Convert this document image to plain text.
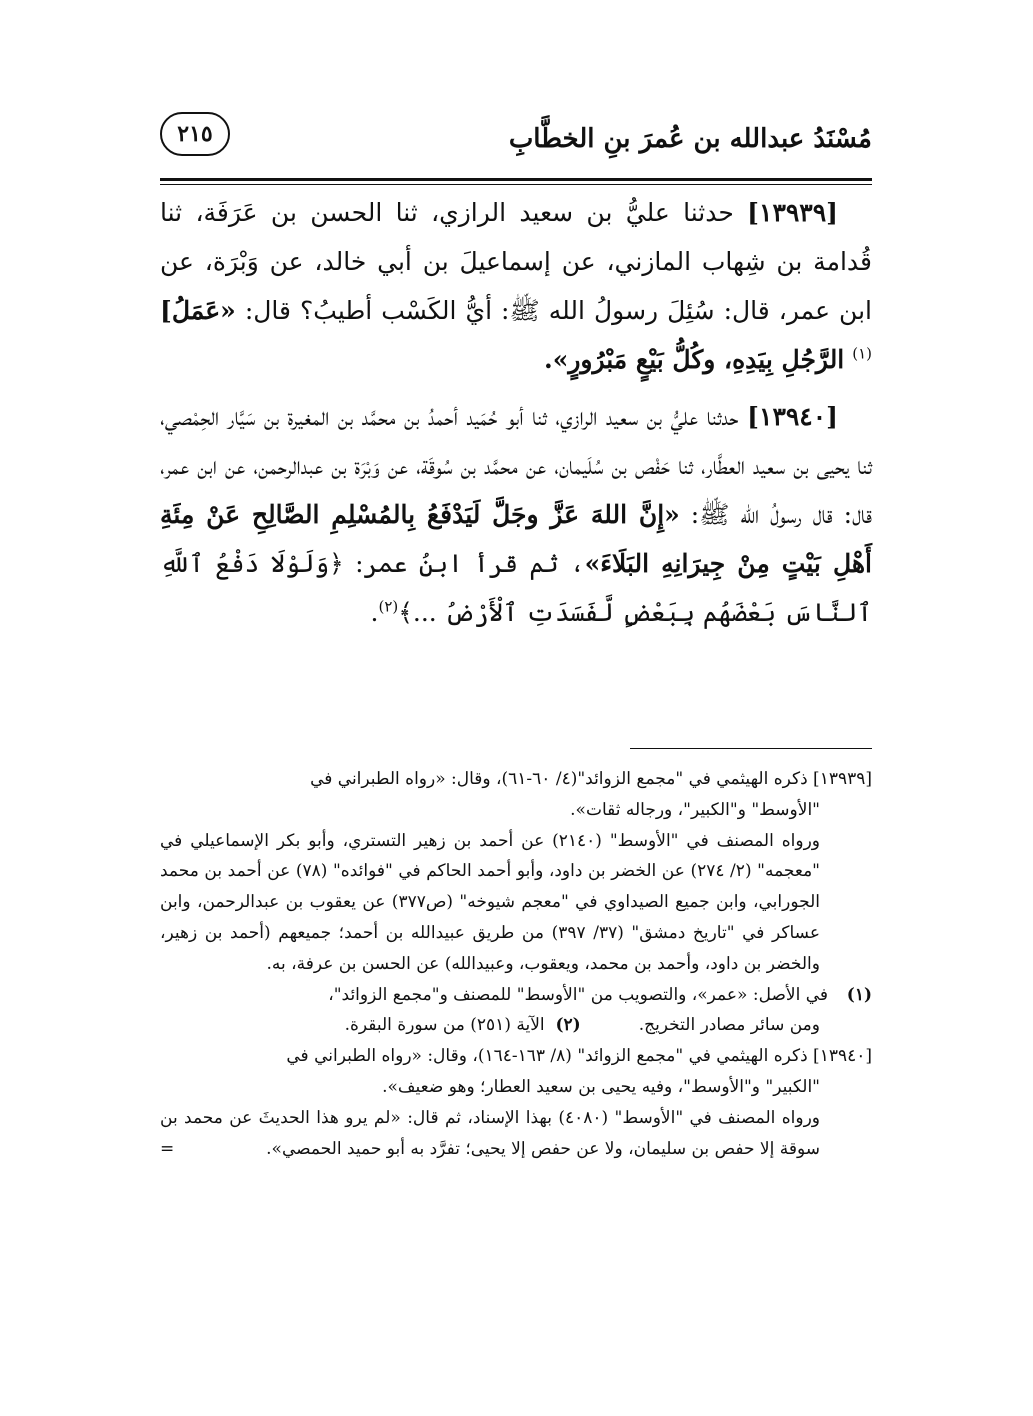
مُسْنَدُ عبدالله بن عُمرَ بنِ الخطَّابِ
٢١٥

[١٣٩٣٩] حدثنا عليُّ بن سعيد الرازي، ثنا الحسن بن عَرَفَة، ثنا قُدامة بن شِهاب المازني، عن إسماعيلَ بن أبي خالد، عن وَبْرَة، عن ابن عمر، قال: سُئِلَ رسولُ الله ﷺ: أيُّ الكَسْب أطيبُ؟ قال: «عَمَلُ]$^{(١)}$ الرَّجُلِ بِيَدِهِ، وكُلُّ بَيْعٍ مَبْرُورٍ».

[١٣٩٤٠] حدثنا عليُّ بن سعيد الرازي، ثنا أبو حُمَيد أحمدُ بن محمَّد بن المغيرة بن سَيَّار الحِمْصي، ثنا يحيى بن سعيد العطَّار، ثنا حَفْص بن سُلَيمان، عن محمَّد بن سُوقَة، عن وَبْرَة بن عبدالرحمن، عن ابن عمر، قال: قال رسولُ الله ﷺ: «إِنَّ اللهَ عَزَّ وجَلَّ لَيَدْفَعُ بِالمُسْلِمِ الصَّالِحِ عَنْ مِئَةِ أَهْلِ بَيْتٍ مِنْ جِيرَانِهِ البَلَاءَ»، ثم قرأ ابنُ عمر: ﴿وَلَوْلَا دَفْعُ ٱللَّهِ ٱلنَّاسَ بَعْضَهُم بِبَعْضٍ لَّفَسَدَتِ ٱلْأَرْضُ ...﴾$^{(٢)}$.

[١٣٩٣٩] ذكره الهيثمي في "مجمع الزوائد"(٤/ ٦٠-٦١)، وقال: «رواه الطبراني في

"الأوسط" و"الكبير"، ورجاله ثقات».

ورواه المصنف في "الأوسط" (٢١٤٠) عن أحمد بن زهير التستري، وأبو بكر الإسماعيلي في "معجمه" (٢/ ٢٧٤) عن الخضر بن داود، وأبو أحمد الحاكم في "فوائده" (٧٨) عن أحمد بن محمد الجورابي، وابن جميع الصيداوي في "معجم شيوخه" (ص٣٧٧) عن يعقوب بن عبدالرحمن، وابن عساكر في "تاريخ دمشق" (٣٧/ ٣٩٧) من طريق عبيدالله بن أحمد؛ جميعهم (أحمد بن زهير، والخضر بن داود، وأحمد بن محمد، ويعقوب، وعبيدالله) عن الحسن بن عرفة، به.

(١)في الأصل: «عمر»، والتصويب من "الأوسط" للمصنف و"مجمع الزوائد"،

ومن سائر مصادر التخريج.(٢)  الآية (٢٥١) من سورة البقرة.

[١٣٩٤٠] ذكره الهيثمي في "مجمع الزوائد" (٨/ ١٦٣-١٦٤)، وقال: «رواه الطبراني في

"الكبير" و"الأوسط"، وفيه يحيى بن سعيد العطار؛ وهو ضعيف».

ورواه المصنف في "الأوسط" (٤٠٨٠) بهذا الإسناد، ثم قال: «لم يرو هذا الحديثَ عن محمد بن سوقة إلا حفص بن سليمان، ولا عن حفص إلا يحيى؛ تفرَّد به أبو حميد الحمصي».

=
